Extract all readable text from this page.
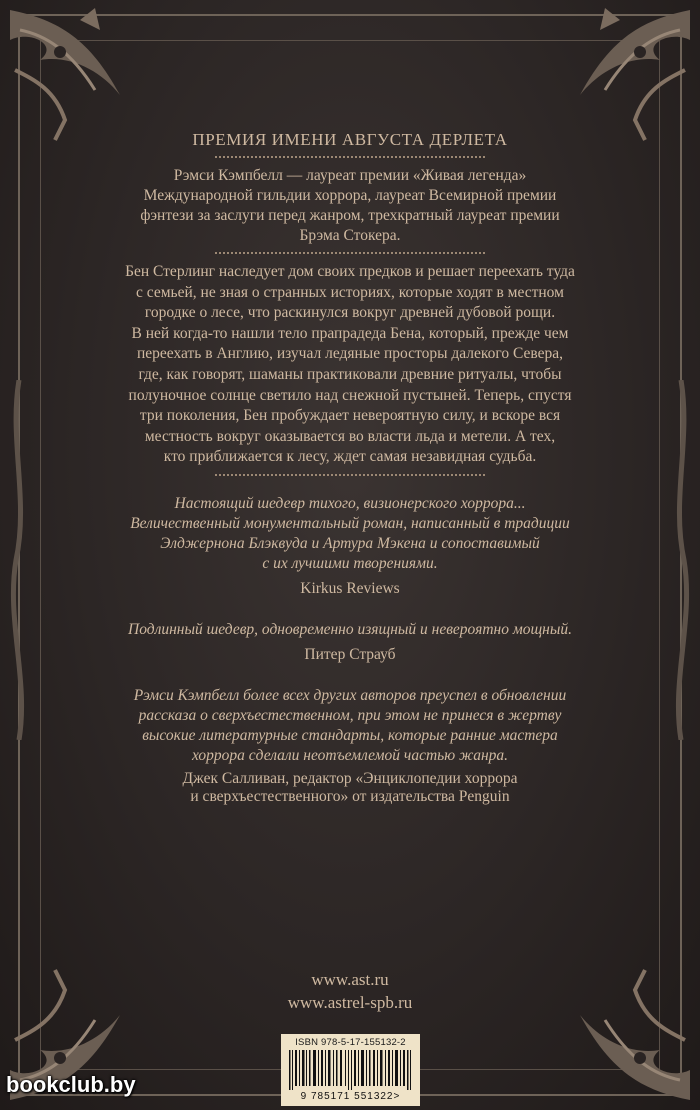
ПРЕМИЯ ИМЕНИ АВГУСТА ДЕРЛЕТА
Рэмси Кэмпбелл — лауреат премии «Живая легенда»
Международной гильдии хоррора, лауреат Всемирной премии
фэнтези за заслуги перед жанром, трехкратный лауреат премии
Брэма Стокера.
Бен Стерлинг наследует дом своих предков и решает переехать туда
с семьей, не зная о странных историях, которые ходят в местном
городке о лесе, что раскинулся вокруг древней дубовой рощи.
В ней когда-то нашли тело прапрадеда Бена, который, прежде чем
переехать в Англию, изучал ледяные просторы далекого Севера,
где, как говорят, шаманы практиковали древние ритуалы, чтобы
полуночное солнце светило над снежной пустыней. Теперь, спустя
три поколения, Бен пробуждает невероятную силу, и вскоре вся
местность вокруг оказывается во власти льда и метели. А тех,
кто приближается к лесу, ждет самая незавидная судьба.
Настоящий шедевр тихого, визионерского хоррора...
Величественный монументальный роман, написанный в традиции
Элджернона Блэквуда и Артура Мэкена и сопоставимый
с их лучшими творениями.
Kirkus Reviews
Подлинный шедевр, одновременно изящный и невероятно мощный.
Питер Страуб
Рэмси Кэмпбелл более всех других авторов преуспел в обновлении
рассказа о сверхъестественном, при этом не принеся в жертву
высокие литературные стандарты, которые ранние мастера
хоррора сделали неотъемлемой частью жанра.
Джек Салливан, редактор «Энциклопедии хоррора
и сверхъестественного» от издательства Penguin
www.ast.ru
www.astrel-spb.ru
ISBN 978-5-17-155132-2
9 785171 551322>
bookclub.by
